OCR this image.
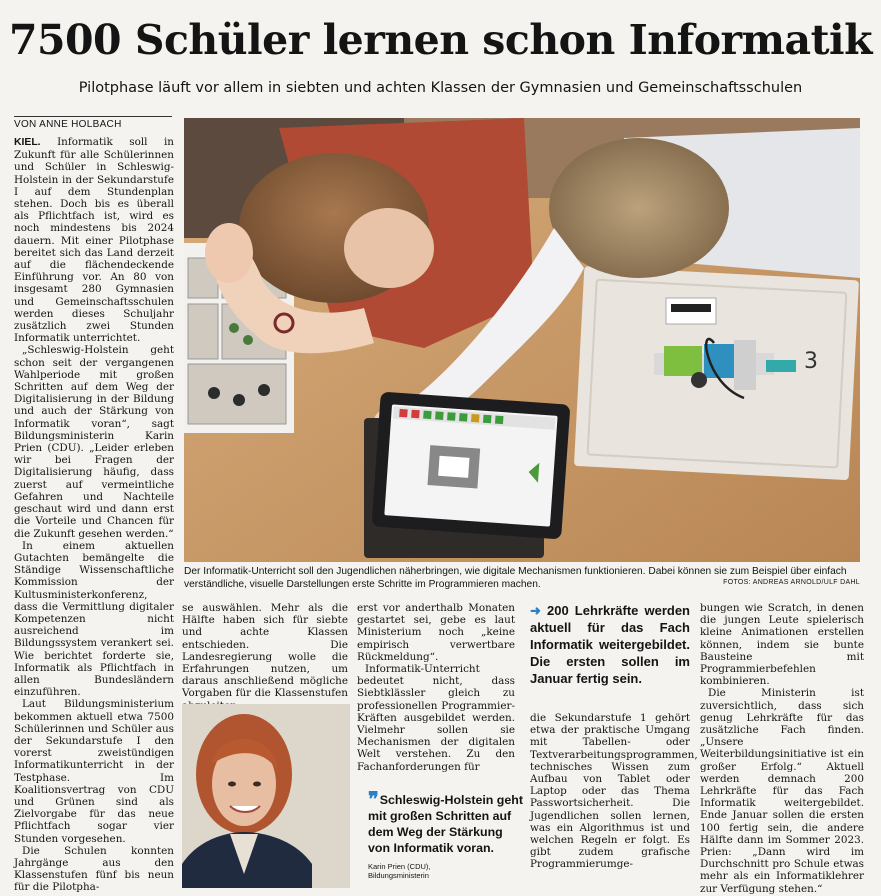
7500 Schüler lernen schon Informatik
Pilotphase läuft vor allem in siebten und achten Klassen der Gymnasien und Gemeinschaftsschulen
VON ANNE HOLBACH

KIEL. Informatik soll in Zukunft für alle Schülerinnen und Schüler in Schleswig-Holstein in der Sekundarstufe I auf dem Stundenplan stehen. Doch bis es überall als Pflichtfach ist, wird es noch mindestens bis 2024 dauern. Mit einer Pilotphase bereitet sich das Land derzeit auf die flächendeckende Einführung vor. An 80 von insgesamt 280 Gymnasien und Gemeinschaftsschulen werden dieses Schuljahr zusätzlich zwei Stunden Informatik unterrichtet.

„Schleswig-Holstein geht schon seit der vergangenen Wahlperiode mit großen Schritten auf dem Weg der Digitalisierung in der Bildung und auch der Stärkung von Informatik voran“, sagt Bildungsministerin Karin Prien (CDU). „Leider erleben wir bei Fragen der Digitalisierung häufig, dass zuerst auf vermeintliche Gefahren und Nachteile geschaut wird und dann erst die Vorteile und Chancen für die Zukunft gesehen werden.“

In einem aktuellen Gutachten bemängelte die Ständige Wissenschaftliche Kommission der Kultusministerkonferenz, dass die Vermittlung digitaler Kompetenzen nicht ausreichend im Bildungssystem verankert sei. Wie berichtet forderte sie, Informatik als Pflichtfach in allen Bundesländern einzuführen.

Laut Bildungsministerium bekommen aktuell etwa 7500 Schülerinnen und Schüler aus der Sekundarstufe I den vorerst zweistündigen Informatikunterricht in der Testphase. Im Koalitionsvertrag von CDU und Grünen sind als Zielvorgabe für das neue Pflichtfach sogar vier Stunden vorgesehen.

Die Schulen konnten Jahrgänge aus den Klassenstufen fünf bis neun für die Pilotpha-

3
Der Informatik-Unterricht soll den Jugendlichen näherbringen, wie digitale Mechanismen funktionieren. Dabei können sie zum Beispiel über einfach verständliche, visuelle Darstellungen erste Schritte im Programmieren machen.	FOTOS: ANDREAS ARNOLD/ULF DAHL

se auswählen. Mehr als die Hälfte haben sich für siebte und achte Klassen entschieden. Die Landesregierung wolle die Erfahrungen nutzen, um daraus anschließend mögliche Vorgaben für die Klassenstufen

erst vor anderthalb Monaten gestartet sei, gebe es laut Ministerium noch „keine empirisch verwertbare Rückmeldung“.

Informatik-Unterricht bedeutet nicht, dass Siebtklässler gleich zu professionellen Programmier-Kräften ausgebildet werden. Vielmehr sollen sie Mechanismen der digitalen Welt verstehen. Zu den Fachanforderungen für

❞ Schleswig-Holstein geht mit großen Schritten auf dem Weg der Stärkung von Informatik voran.
Karin Prien (CDU),
Bildungsministerin
➜ 200 Lehrkräfte werden aktuell für das Fach Informatik weitergebildet. Die ersten sollen im Januar fertig sein.

die Sekundarstufe 1 gehört etwa der praktische Umgang mit Tabellen- oder Textverarbeitungsprogrammen, technisches Wissen zum Aufbau von Tablet oder Laptop oder das Thema Passwortsicherheit. Die Jugendlichen sollen lernen, was ein Algorithmus ist und welchen Regeln er folgt. Es gibt zudem grafische Programmierumge-

bungen wie Scratch, in denen die jungen Leute spielerisch kleine Animationen erstellen können, indem sie bunte Bausteine mit Programmierbefehlen kombinieren.

Die Ministerin ist zuversichtlich, dass sich genug Lehrkräfte für das zusätzliche Fach finden. „Unsere Weiterbildungsinitiative ist ein großer Erfolg.“ Aktuell werden demnach 200 Lehrkräfte für das Fach Informatik weitergebildet. Ende Januar sollen die ersten 100 fertig sein, die andere Hälfte dann im Sommer 2023. Prien: „Dann wird im Durchschnitt pro Schule etwas mehr als ein Informatiklehrer zur Verfügung stehen.“
